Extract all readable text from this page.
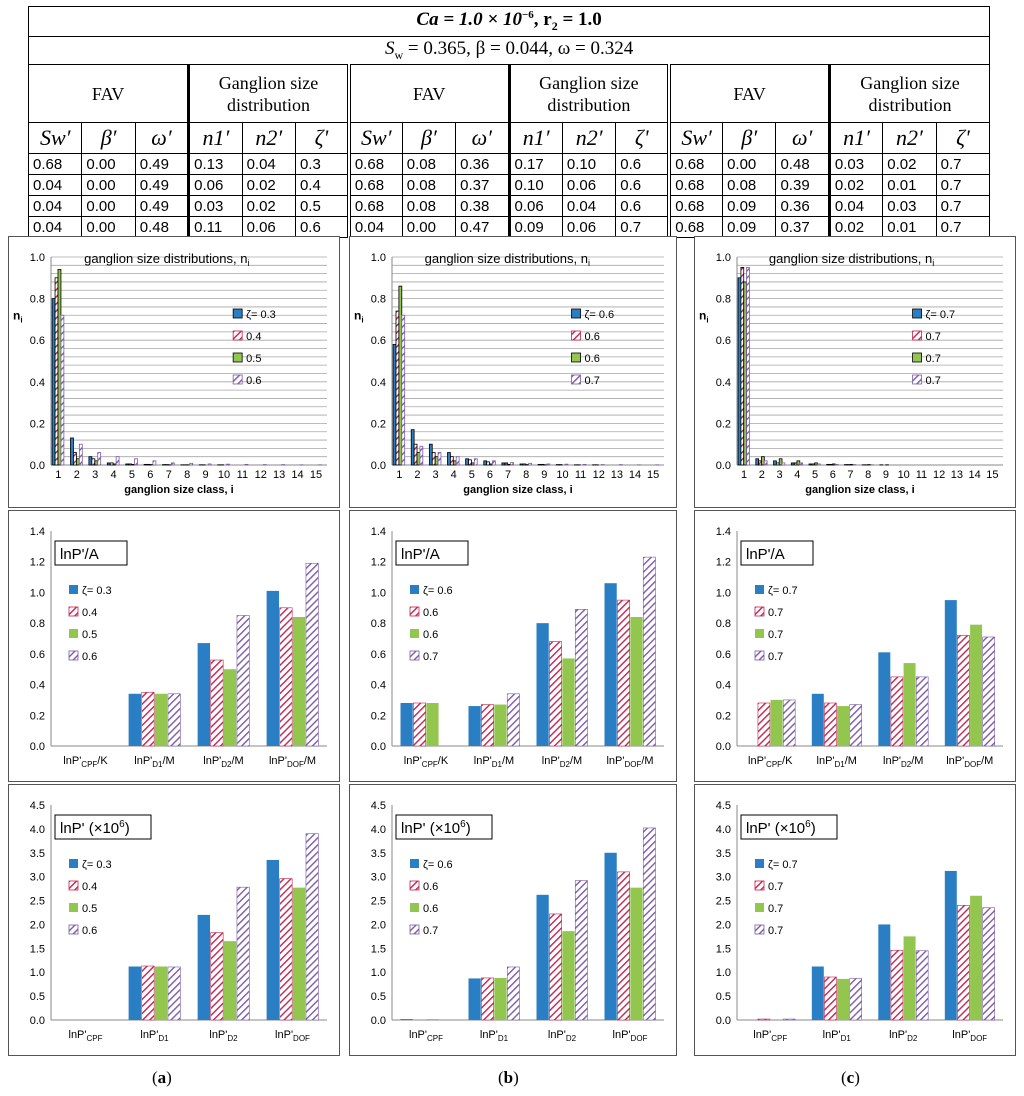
$Ca = 1.0 \times 10^{-6}$, $r_2 = 1.0$																	
$S_w = 0.365$, β = 0.044, ω = 0.324																	
FAV			Ganglion size distribution			FAV			Ganglion size distribution			FAV			Ganglion size distribution		
Sw′	β′	ω′	n1′	n2′	ζ'	Sw′	β′	ω′	n1′	n2′	ζ'	Sw′	β′	ω′	n1′	n2′	ζ'
0.68	0.00	0.49	0.13	0.04	0.3	0.68	0.08	0.36	0.17	0.10	0.6	0.68	0.00	0.48	0.03	0.02	0.7
0.04	0.00	0.49	0.06	0.02	0.4	0.68	0.08	0.37	0.10	0.06	0.6	0.68	0.08	0.39	0.02	0.01	0.7
0.04	0.00	0.49	0.03	0.02	0.5	0.68	0.08	0.38	0.06	0.04	0.6	0.68	0.09	0.36	0.04	0.03	0.7
0.04	0.00	0.48	0.11	0.06	0.6	0.04	0.00	0.47	0.09	0.06	0.7	0.68	0.09	0.37	0.02	0.01	0.7
0.0
0.2
0.4
0.6
0.8
1.0
1 2 3 4 5 6 7 8 9 10 11 12 13 14 15
ganglion size distributions, $n_i$
$n_i$
ganglion size class, i
ζ= 0.3
0.4
0.5
0.6
0.0
0.2
0.4
0.6
0.8
1.0
1 2 3 4 5 6 7 8 9 10 11 12 13 14 15
ganglion size distributions, $n_i$
$n_i$
ganglion size class, i
ζ= 0.6
0.6
0.6
0.7
0.0
0.2
0.4
0.6
0.8
1.0
1 2 3 4 5 6 7 8 9 10 11 12 13 14 15
ganglion size distributions, $n_i$
$n_i$
ganglion size class, i
ζ= 0.7
0.7
0.7
0.7
0.0
0.2
0.4
0.6
0.8
1.0
1.2
1.4
$\ln P'_{CPF}/K$ $\ln P'_{D1}/M$	$\ln P'_{D2}/M$ $\ln P'_{DOF}/M$
lnP'/A
ζ= 0.3
0.4
0.5
0.6
0.0
0.2
0.4
0.6
0.8
1.0
1.2
1.4
$\ln P'_{CPF}/K$ $\ln P'_{D1}/M$	$\ln P'_{D2}/M$ $\ln P'_{DOF}/M$
lnP'/A
ζ= 0.6
0.6
0.6
0.7
0.0
0.2
0.4
0.6
0.8
1.0
1.2
1.4
$\ln P'_{CPF}/K$ $\ln P'_{D1}/M$ $\ln P'_{D2}/M$ $\ln P'_{DOF}/M$
lnP'/A
ζ= 0.7
0.7
0.7
0.7
0.0
0.5
1.0
1.5
2.0
2.5
3.0
3.5
4.0
4.5
$\ln P'_{CPF}$	$\ln P'_{D1}$	$\ln P'_{D2}$	$\ln P'_{DOF}$
lnP' $(\times 10^6)$
ζ= 0.3
0.4
0.5
0.6
0.0
0.5
1.0
1.5
2.0
2.5
3.0
3.5
4.0
4.5
$\ln P'_{CPF}$	$\ln P'_{D1}$	$\ln P'_{D2}$	$\ln P'_{DOF}$
lnP' $(\times 10^6)$
ζ= 0.6
0.6
0.6
0.7
0.0
0.5
1.0
1.5
2.0
2.5
3.0
3.5
4.0
4.5
$\ln P'_{CPF}$	$\ln P'_{D1}$	$\ln P'_{D2}$	$\ln P'_{DOF}$
lnP' $(\times 10^6)$
ζ= 0.7
0.7
0.7
0.7
(a)	(b)	(c)
